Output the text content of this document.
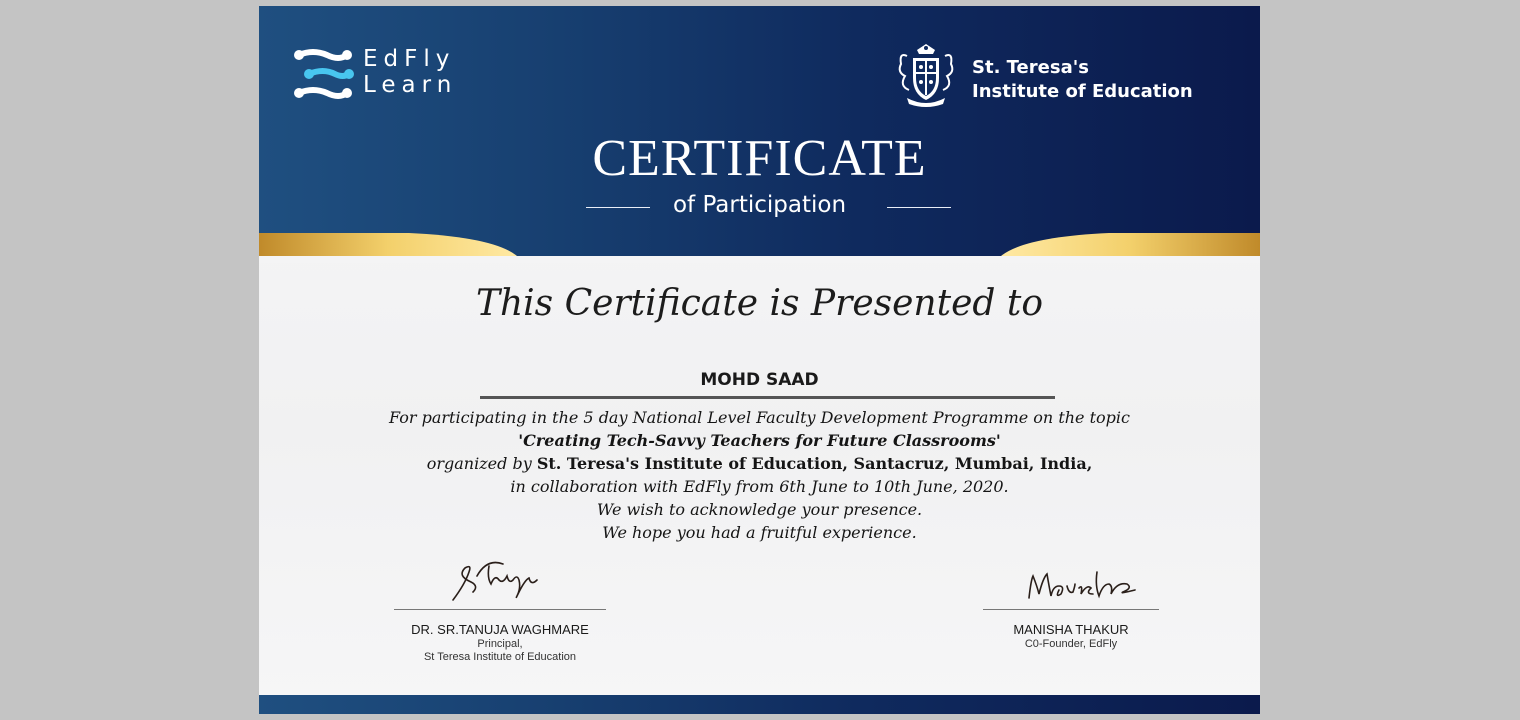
EdFly
Learn
St. Teresa's
Institute of Education
CERTIFICATE
of Participation
This Certificate is Presented to
MOHD SAAD
For participating in the 5 day National Level Faculty Development Programme on the topic
'Creating Tech-Savvy Teachers for Future Classrooms'
organized by St. Teresa's Institute of Education, Santacruz, Mumbai, India,
in collaboration with EdFly from 6th June to 10th June, 2020.
We wish to acknowledge your presence.
We hope you had a fruitful experience.
DR. SR.TANUJA WAGHMARE
Principal,
St Teresa Institute of Education
MANISHA THAKUR
C0-Founder, EdFly
